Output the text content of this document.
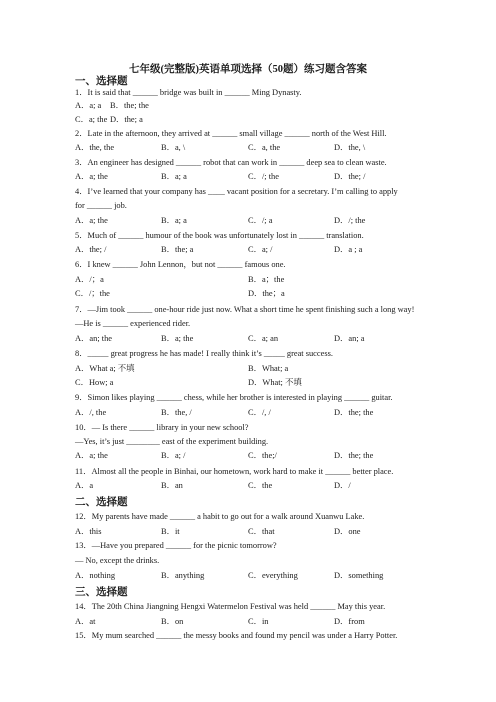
七年级(完整版)英语单项选择（50题）练习题含答案
一、选择题
1．It is said that ______ bridge was built in ______ Ming Dynasty.
A．a; a B．the; the
C．a; the D．the; a
2．Late in the afternoon, they arrived at ______ small village ______ north of the West Hill.
A．the, the	B．a, \	C．a, the	D．the, \
3．An engineer has designed ______ robot that can work in ______ deep sea to clean waste.
A．a; the	B．a; a	C．/; the	D．the; /
4．I’ve learned that your company has ____ vacant position for a secretary. I’m calling to apply
for ______ job.
A．a; the	B．a; a	C．/; a	D．/; the
5．Much of ______ humour of the book was unfortunately lost in ______ translation.
A．the; /	B．the; a	C．a; /	D．a ; a
6．I knew ______ John Lennon，but not ______ famous one.
A．/；a	B．a；the
C．/；the	D．the；a
7．—Jim took ______ one-hour ride just now. What a short time he spent finishing such a long way!
—He is ______ experienced rider.
A．an; the	B．a; the	C．a; an	D．an; a
8．_____ great progress he has made! I really think it’s _____ great success.
A．What a; 不填	B．What; a
C．How; a	D．What; 不填
9．Simon likes playing ______ chess, while her brother is interested in playing ______ guitar.
A．/, the	B．the, /	C．/, /	D．the; the
10．— Is there ______ library in your new school?
—Yes, it’s just ________ east of the experiment building.
A．a; the	B．a; /	C．the;/	D．the; the
11．Almost all the people in Binhai, our hometown, work hard to make it ______ better place.
A．a	B．an	C．the	D．/
二、选择题
12．My parents have made ______ a habit to go out for a walk around Xuanwu Lake.
A．this	B．it	C．that	D．one
13．—Have you prepared ______ for the picnic tomorrow?
— No, except the drinks.
A．nothing	B．anything	C．everything	D．something
三、选择题
14．The 20th China Jiangning Hengxi Watermelon Festival was held ______ May this year.
A．at	B．on	C．in	D．from
15．My mum searched ______ the messy books and found my pencil was under a Harry Potter.
